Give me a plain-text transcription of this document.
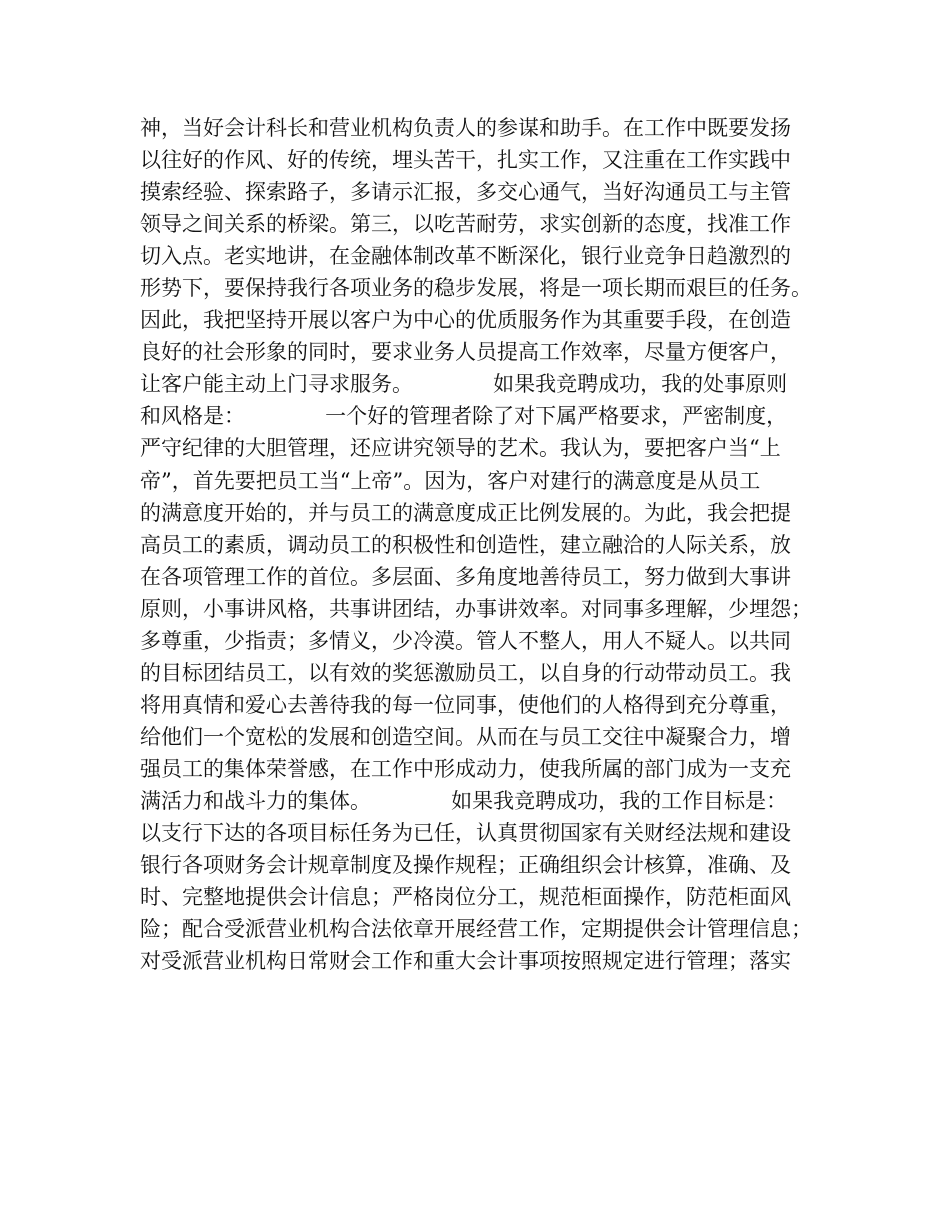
神，当好会计科长和营业机构负责人的参谋和助手。在工作中既要发扬
以往好的作风、好的传统，埋头苦干，扎实工作，又注重在工作实践中
摸索经验、探索路子，多请示汇报，多交心通气，当好沟通员工与主管
领导之间关系的桥梁。第三，以吃苦耐劳，求实创新的态度，找准工作
切入点。老实地讲，在金融体制改革不断深化，银行业竞争日趋激烈的
形势下，要保持我行各项业务的稳步发展，将是一项长期而艰巨的任务。
因此，我把坚持开展以客户为中心的优质服务作为其重要手段，在创造
良好的社会形象的同时，要求业务人员提高工作效率，尽量方便客户，
让客户能主动上门寻求服务。            如果我竞聘成功，我的处事原则
和风格是：            一个好的管理者除了对下属严格要求，严密制度，
严守纪律的大胆管理，还应讲究领导的艺术。我认为，要把客户当“上
帝”，首先要把员工当“上帝”。因为，客户对建行的满意度是从员工
的满意度开始的，并与员工的满意度成正比例发展的。为此，我会把提
高员工的素质，调动员工的积极性和创造性，建立融洽的人际关系，放
在各项管理工作的首位。多层面、多角度地善待员工，努力做到大事讲
原则，小事讲风格，共事讲团结，办事讲效率。对同事多理解，少埋怨；
多尊重，少指责；多情义，少冷漠。管人不整人，用人不疑人。以共同
的目标团结员工，以有效的奖惩激励员工，以自身的行动带动员工。我
将用真情和爱心去善待我的每一位同事，使他们的人格得到充分尊重，
给他们一个宽松的发展和创造空间。从而在与员工交往中凝聚合力，增
强员工的集体荣誉感，在工作中形成动力，使我所属的部门成为一支充
满活力和战斗力的集体。            如果我竞聘成功，我的工作目标是：
以支行下达的各项目标任务为已任，认真贯彻国家有关财经法规和建设
银行各项财务会计规章制度及操作规程；正确组织会计核算，准确、及
时、完整地提供会计信息；严格岗位分工，规范柜面操作，防范柜面风
险；配合受派营业机构合法依章开展经营工作，定期提供会计管理信息；
对受派营业机构日常财会工作和重大会计事项按照规定进行管理；落实
